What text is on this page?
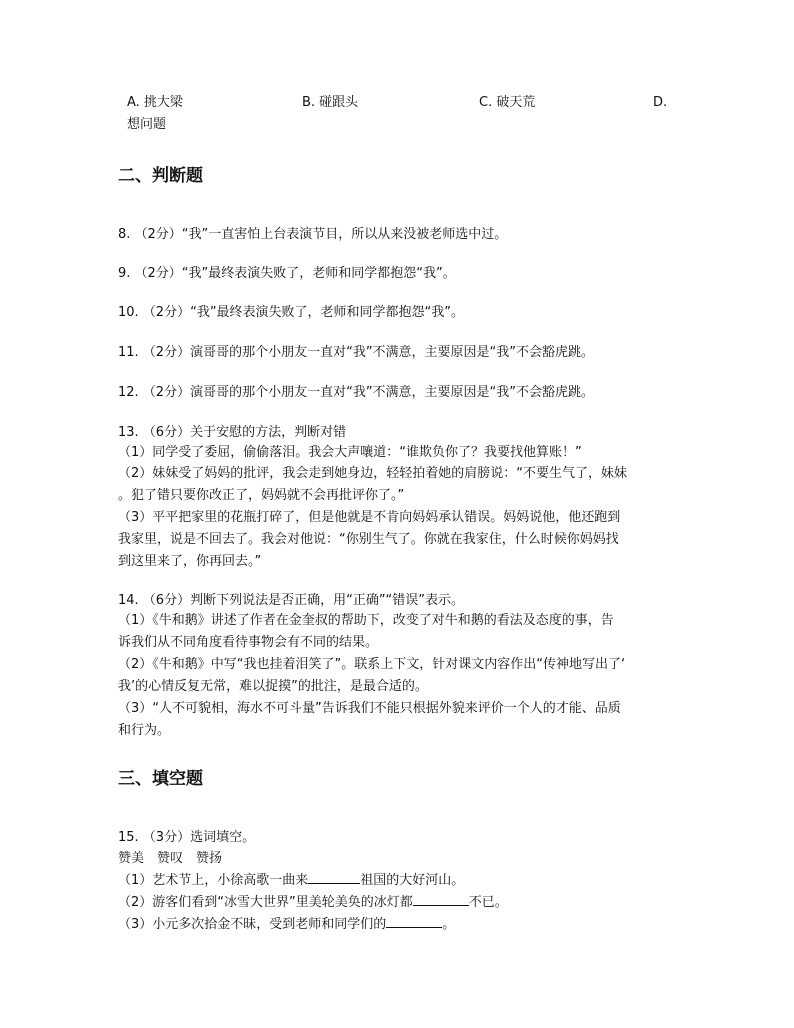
A. 挑大梁	B. 碰跟头	C. 破天荒	D.
想问题
二、判断题
8. （2分）“我”一直害怕上台表演节目，所以从来没被老师选中过。
9. （2分）“我”最终表演失败了，老师和同学都抱怨“我”。
10. （2分）“我”最终表演失败了，老师和同学都抱怨“我”。
11. （2分）演哥哥的那个小朋友一直对“我”不满意，主要原因是“我”不会豁虎跳。
12. （2分）演哥哥的那个小朋友一直对“我”不满意，主要原因是“我”不会豁虎跳。
13. （6分）关于安慰的方法，判断对错
（1）同学受了委屈，偷偷落泪。我会大声嚷道：“谁欺负你了？我要找他算账！”
（2）妹妹受了妈妈的批评，我会走到她身边，轻轻拍着她的肩膀说：“不要生气了，妹妹
。犯了错只要你改正了，妈妈就不会再批评你了。”
（3）平平把家里的花瓶打碎了，但是他就是不肯向妈妈承认错误。妈妈说他，他还跑到
我家里，说是不回去了。我会对他说：“你别生气了。你就在我家住，什么时候你妈妈找
到这里来了，你再回去。”
14. （6分）判断下列说法是否正确，用“正确”“错误”表示。
（1）《牛和鹅》讲述了作者在金奎叔的帮助下，改变了对牛和鹅的看法及态度的事，告
诉我们从不同角度看待事物会有不同的结果。
（2）《牛和鹅》中写“我也挂着泪笑了”。联系上下文，针对课文内容作出“传神地写出了‘
我’的心情反复无常，难以捉摸”的批注，是最合适的。
（3）“人不可貌相，海水不可斗量”告诉我们不能只根据外貌来评价一个人的才能、品质
和行为。
三、填空题
15. （3分）选词填空。
赞美　赞叹　赞扬
（1）艺术节上，小徐高歌一曲来	祖国的大好河山。
（2）游客们看到“冰雪大世界”里美轮美奂的冰灯都	不已。
（3）小元多次拾金不昧，受到老师和同学们的	。
